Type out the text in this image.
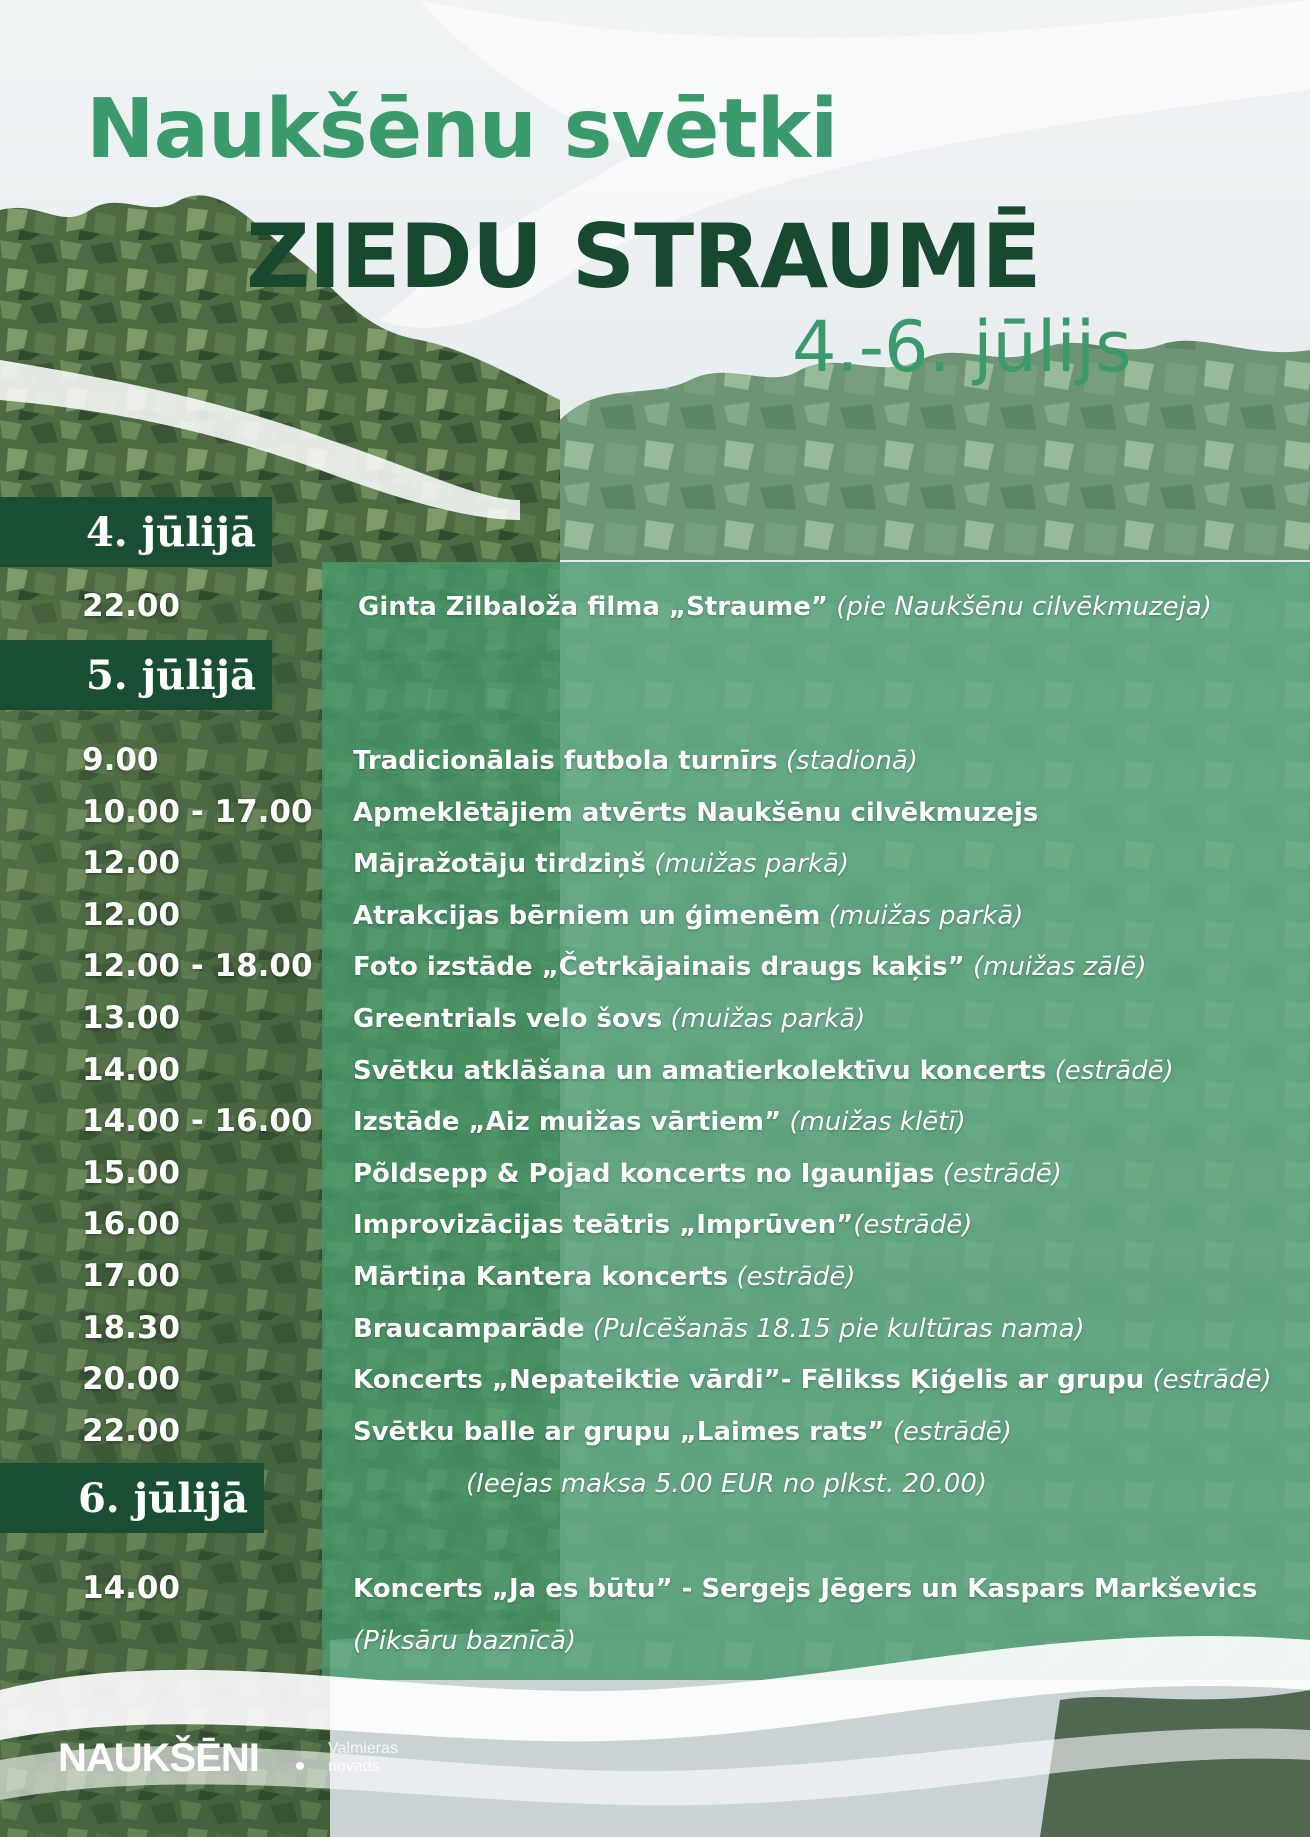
Naukšēnu svētki
ZIEDU STRAUMĒ
4.-6. jūlijs
4. jūlijā
22.00	Ginta Zilbaloža filma „Straume” (pie Naukšēnu cilvēkmuzeja)
5. jūlijā
9.00	Tradicionālais futbola turnīrs (stadionā)
10.00 - 17.00 Apmeklētājiem atvērts Naukšēnu cilvēkmuzejs
12.00	Mājražotāju tirdziņš (muižas parkā)
12.00	Atrakcijas bērniem un ģimenēm (muižas parkā)
12.00 - 18.00 Foto izstāde „Četrkājainais draugs kaķis” (muižas zālē)
13.00	Greentrials velo šovs (muižas parkā)
14.00	Svētku atklāšana un amatierkolektīvu koncerts (estrādē)
14.00 - 16.00 Izstāde „Aiz muižas vārtiem” (muižas klētī)
15.00	Põldsepp & Pojad koncerts no Igaunijas (estrādē)
16.00	Improvizācijas teātris „Imprūven”(estrādē)
17.00	Mārtiņa Kantera koncerts (estrādē)
18.30	Braucamparāde (Pulcēšanās 18.15 pie kultūras nama)
20.00	Koncerts „Nepateiktie vārdi”- Fēlikss Ķiģelis ar grupu (estrādē)
22.00	Svētku balle ar grupu „Laimes rats” (estrādē)
(Ieejas maksa 5.00 EUR no plkst. 20.00)
6. jūlijā
14.00	Koncerts „Ja es būtu” - Sergejs Jēgers un Kaspars Markševics
(Piksāru baznīcā)
NAUKŠĒNI	Valmieras
novads
